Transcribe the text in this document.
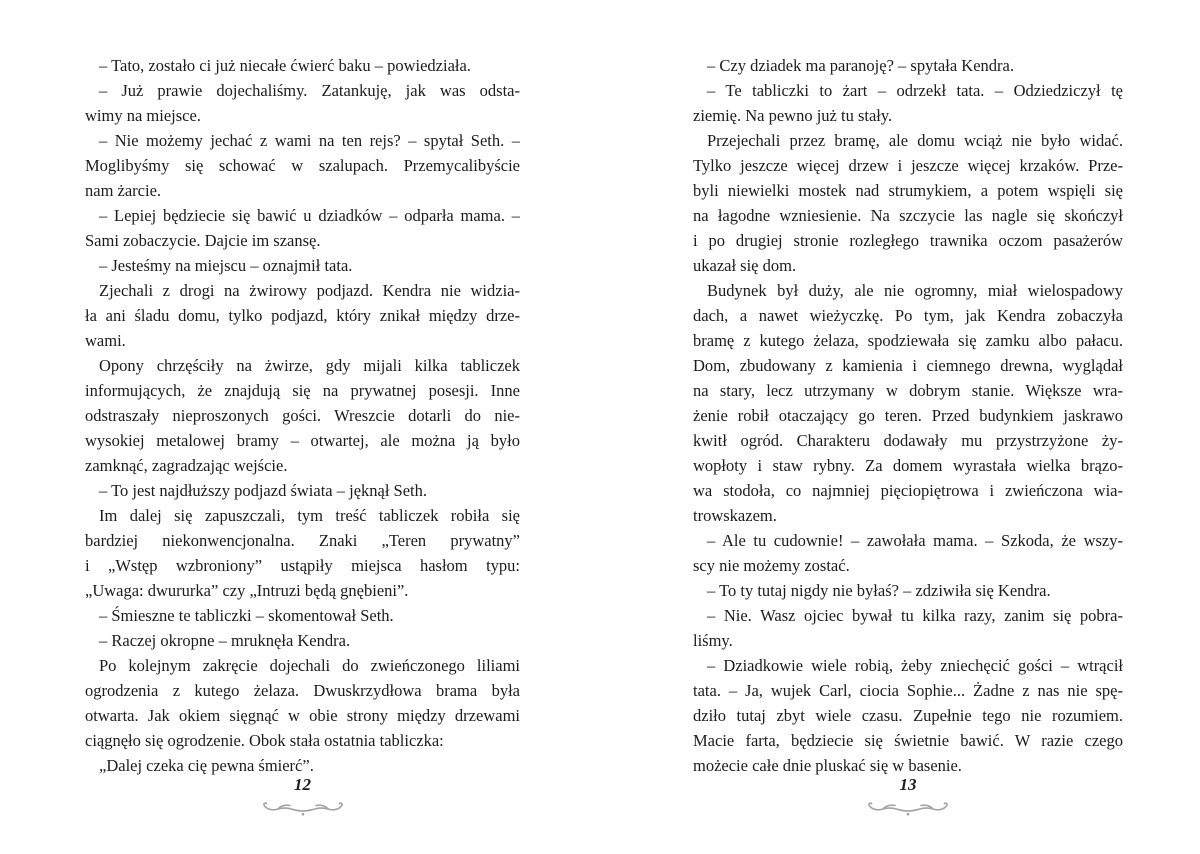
– Tato, zostało ci już niecałe ćwierć baku – powiedziała.
– Już prawie dojechaliśmy. Zatankuję, jak was odsta-
wimy na miejsce.
– Nie możemy jechać z wami na ten rejs? – spytał Seth. –
Moglibyśmy się schować w szalupach. Przemycalibyście
nam żarcie.
– Lepiej będziecie się bawić u dziadków – odparła mama. –
Sami zobaczycie. Dajcie im szansę.
– Jesteśmy na miejscu – oznajmił tata.
Zjechali z drogi na żwirowy podjazd. Kendra nie widzia-
ła ani śladu domu, tylko podjazd, który znikał między drze-
wami.
Opony chrzęściły na żwirze, gdy mijali kilka tabliczek
informujących, że znajdują się na prywatnej posesji. Inne
odstraszały nieproszonych gości. Wreszcie dotarli do nie-
wysokiej metalowej bramy – otwartej, ale można ją było
zamknąć, zagradzając wejście.
– To jest najdłuższy podjazd świata – jęknął Seth.
Im dalej się zapuszczali, tym treść tabliczek robiła się
bardziej niekonwencjonalna. Znaki „Teren prywatny”
i „Wstęp wzbroniony” ustąpiły miejsca hasłom typu:
„Uwaga: dwururka” czy „Intruzi będą gnębieni”.
– Śmieszne te tabliczki – skomentował Seth.
– Raczej okropne – mruknęła Kendra.
Po kolejnym zakręcie dojechali do zwieńczonego liliami
ogrodzenia z kutego żelaza. Dwuskrzydłowa brama była
otwarta. Jak okiem sięgnąć w obie strony między drzewami
ciągnęło się ogrodzenie. Obok stała ostatnia tabliczka:
„Dalej czeka cię pewna śmierć”.
12
– Czy dziadek ma paranoję? – spytała Kendra.
– Te tabliczki to żart – odrzekł tata. – Odziedziczył tę
ziemię. Na pewno już tu stały.
Przejechali przez bramę, ale domu wciąż nie było widać.
Tylko jeszcze więcej drzew i jeszcze więcej krzaków. Prze-
byli niewielki mostek nad strumykiem, a potem wspięli się
na łagodne wzniesienie. Na szczycie las nagle się skończył
i po drugiej stronie rozległego trawnika oczom pasażerów
ukazał się dom.
Budynek był duży, ale nie ogromny, miał wielospadowy
dach, a nawet wieżyczkę. Po tym, jak Kendra zobaczyła
bramę z kutego żelaza, spodziewała się zamku albo pałacu.
Dom, zbudowany z kamienia i ciemnego drewna, wyglądał
na stary, lecz utrzymany w dobrym stanie. Większe wra-
żenie robił otaczający go teren. Przed budynkiem jaskrawo
kwitł ogród. Charakteru dodawały mu przystrzyżone ży-
wopłoty i staw rybny. Za domem wyrastała wielka brązo-
wa stodoła, co najmniej pięciopiętrowa i zwieńczona wia-
trowskazem.
– Ale tu cudownie! – zawołała mama. – Szkoda, że wszy-
scy nie możemy zostać.
– To ty tutaj nigdy nie byłaś? – zdziwiła się Kendra.
– Nie. Wasz ojciec bywał tu kilka razy, zanim się pobra-
liśmy.
– Dziadkowie wiele robią, żeby zniechęcić gości – wtrącił
tata. – Ja, wujek Carl, ciocia Sophie... Żadne z nas nie spę-
dziło tutaj zbyt wiele czasu. Zupełnie tego nie rozumiem.
Macie farta, będziecie się świetnie bawić. W razie czego
możecie całe dnie pluskać się w basenie.
13
